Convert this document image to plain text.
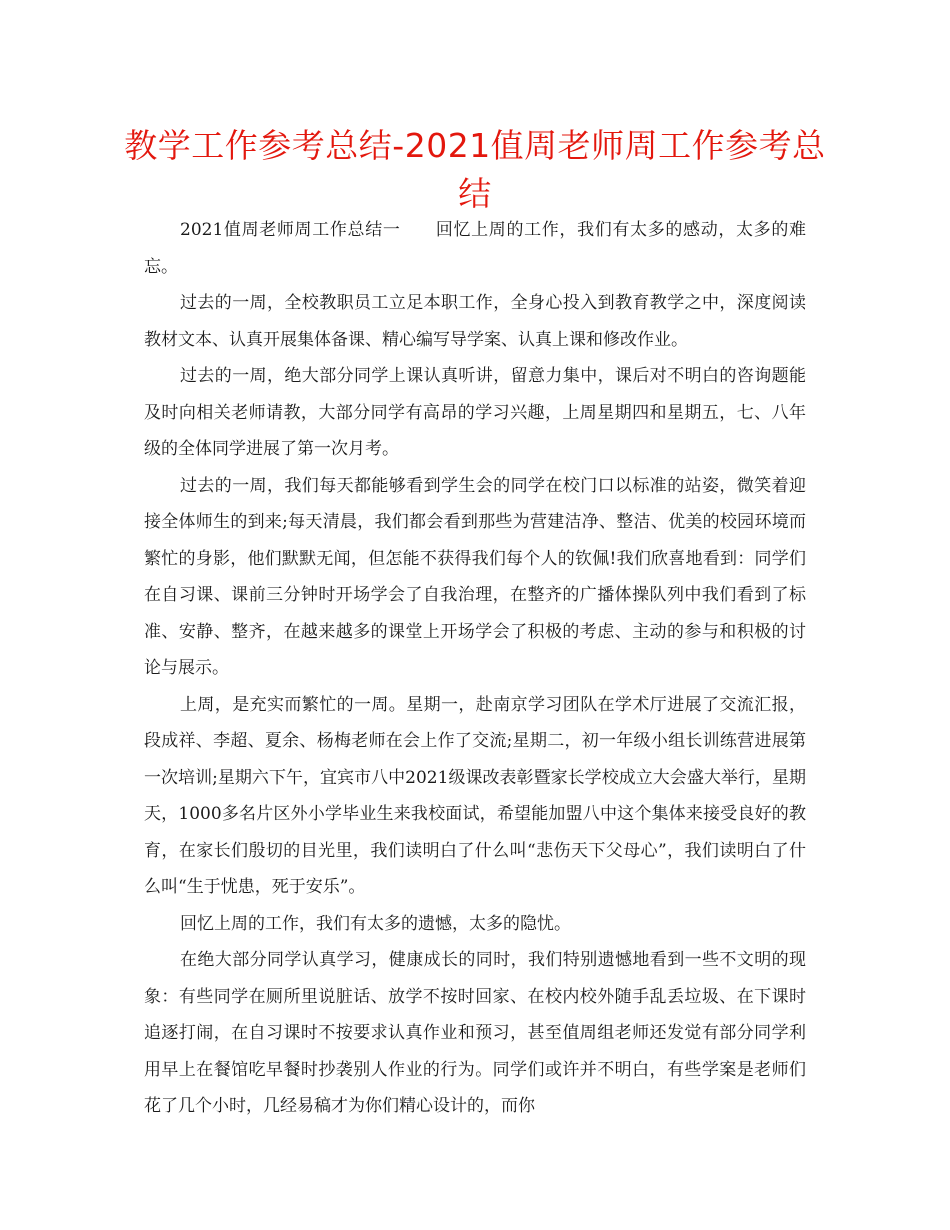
教学工作参考总结-2021值周老师周工作参考总结

2021值周老师周工作总结一　　回忆上周的工作，我们有太多的感动，太多的难忘。

过去的一周，全校教职员工立足本职工作，全身心投入到教育教学之中，深度阅读教材文本、认真开展集体备课、精心编写导学案、认真上课和修改作业。

过去的一周，绝大部分同学上课认真听讲，留意力集中，课后对不明白的咨询题能及时向相关老师请教，大部分同学有高昂的学习兴趣，上周星期四和星期五，七、八年级的全体同学进展了第一次月考。

过去的一周，我们每天都能够看到学生会的同学在校门口以标准的站姿，微笑着迎接全体师生的到来;每天清晨，我们都会看到那些为营建洁净、整洁、优美的校园环境而繁忙的身影，他们默默无闻，但怎能不获得我们每个人的钦佩!我们欣喜地看到：同学们在自习课、课前三分钟时开场学会了自我治理，在整齐的广播体操队列中我们看到了标准、安静、整齐，在越来越多的课堂上开场学会了积极的考虑、主动的参与和积极的讨论与展示。

上周，是充实而繁忙的一周。星期一，赴南京学习团队在学术厅进展了交流汇报，段成祥、李超、夏余、杨梅老师在会上作了交流;星期二，初一年级小组长训练营进展第一次培训;星期六下午，宜宾市八中2021级课改表彰暨家长学校成立大会盛大举行，星期天，1000多名片区外小学毕业生来我校面试，希望能加盟八中这个集体来接受良好的教育，在家长们殷切的目光里，我们读明白了什么叫“悲伤天下父母心”，我们读明白了什么叫“生于忧患，死于安乐”。

回忆上周的工作，我们有太多的遗憾，太多的隐忧。

在绝大部分同学认真学习，健康成长的同时，我们特别遗憾地看到一些不文明的现象：有些同学在厕所里说脏话、放学不按时回家、在校内校外随手乱丢垃圾、在下课时追逐打闹，在自习课时不按要求认真作业和预习，甚至值周组老师还发觉有部分同学利用早上在餐馆吃早餐时抄袭别人作业的行为。同学们或许并不明白，有些学案是老师们花了几个小时，几经易稿才为你们精心设计的，而你
